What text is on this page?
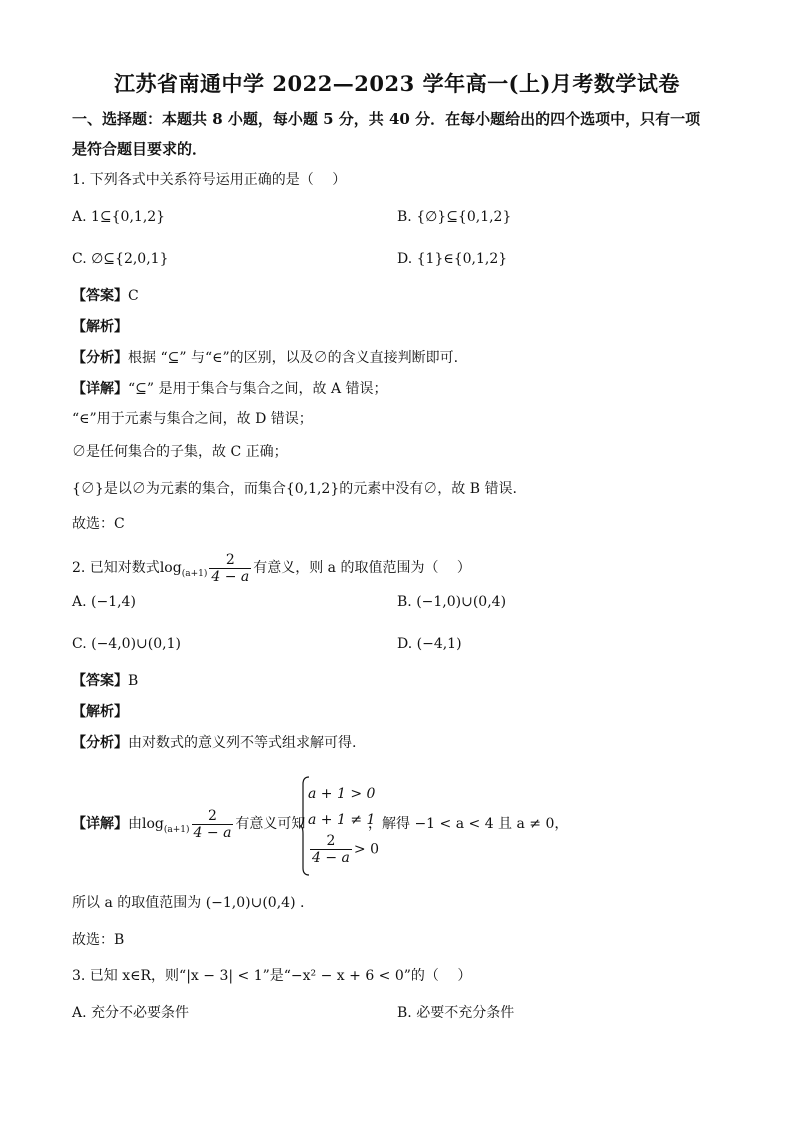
江苏省南通中学 2022—2023 学年高一(上)月考数学试卷
一、选择题：本题共 8 小题，每小题 5 分，共 40 分．在每小题给出的四个选项中，只有一项
是符合题目要求的．
1. 下列各式中关系符号运用正确的是（　 ）
A. 1⊆{0,1,2}	B. {∅}⊆{0,1,2}
C. ∅⊆{2,0,1}	D. {1}∈{0,1,2}
【答案】C
【解析】
【分析】根据 “⊆” 与“∈”的区别，以及∅的含义直接判断即可.
【详解】“⊆” 是用于集合与集合之间，故 A 错误；
“∈”用于元素与集合之间，故 D 错误；
∅是任何集合的子集，故 C 正确；
{∅}是以∅为元素的集合，而集合{0,1,2}的元素中没有∅，故 B 错误.
故选：C
2. 已知对数式$\log_{(a+1)} \frac{2}{4 - a}$ 有意义，则 a 的取值范围为（　 ）
A. (−1,4)	B. (−1,0)∪(0,4)
C. (−4,0)∪(0,1)	D. (−4,1)
【答案】B
【解析】
【分析】由对数式的意义列不等式组求解可得.
【详解】由$\log_{(a+1)} \frac{2}{4 - a}$ 有意义可知
a + 1 > 0
a + 1 ≠ 1
$\frac{2}{4 - a} > 0$
，解得 −1 < a < 4 且 a ≠ 0，
所以 a 的取值范围为 (−1,0)∪(0,4) .
故选：B
3. 已知 x∈R，则“|x − 3| < 1”是“−x² − x + 6 < 0”的（　 ）
A. 充分不必要条件	B. 必要不充分条件
